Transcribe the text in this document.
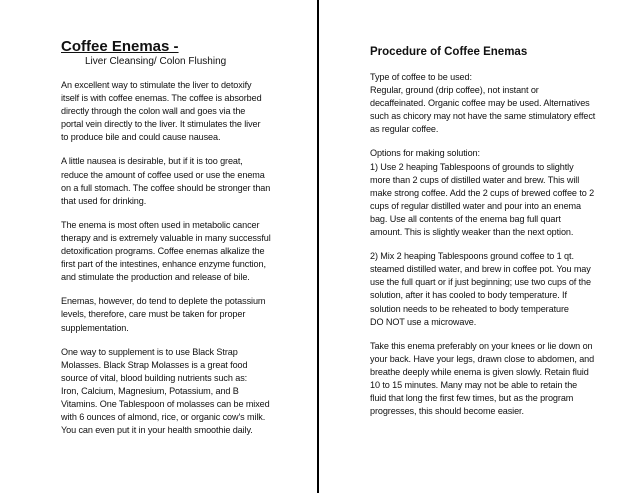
Coffee Enemas -

Liver Cleansing/ Colon Flushing

An excellent way to stimulate the liver to detoxify
itself is with coffee enemas. The coffee is absorbed
directly through the colon wall and goes via the
portal vein directly to the liver. It stimulates the liver
to produce bile and could cause nausea.

A little nausea is desirable, but if it is too great,
reduce the amount of coffee used or use the enema
on a full stomach. The coffee should be stronger than
that used for drinking.

The enema is most often used in metabolic cancer
therapy and is extremely valuable in many successful
detoxification programs. Coffee enemas alkalize the
first part of the intestines, enhance enzyme function,
and stimulate the production and release of bile.

Enemas, however, do tend to deplete the potassium
levels, therefore, care must be taken for proper
supplementation.

One way to supplement is to use Black Strap
Molasses. Black Strap Molasses is a great food
source of vital, blood building nutrients such as:
Iron, Calcium, Magnesium, Potassium, and B
Vitamins. One Tablespoon of molasses can be mixed
with 6 ounces of almond, rice, or organic cow's milk.
You can even put it in your health smoothie daily.

Procedure of Coffee Enemas

Type of coffee to be used:
Regular, ground (drip coffee), not instant or
decaffeinated. Organic coffee may be used. Alternatives
such as chicory may not have the same stimulatory effect
as regular coffee.

Options for making solution:
1) Use 2 heaping Tablespoons of grounds to slightly
more than 2 cups of distilled water and brew. This will
make strong coffee. Add the 2 cups of brewed coffee to 2
cups of regular distilled water and pour into an enema
bag. Use all contents of the enema bag full quart
amount. This is slightly weaker than the next option.

2) Mix 2 heaping Tablespoons ground coffee to 1 qt.
steamed distilled water, and brew in coffee pot. You may
use the full quart or if just beginning; use two cups of the
solution, after it has cooled to body temperature. If
solution needs to be reheated to body temperature
DO NOT use a microwave.

Take this enema preferably on your knees or lie down on
your back. Have your legs, drawn close to abdomen, and
breathe deeply while enema is given slowly. Retain fluid
10 to 15 minutes. Many may not be able to retain the
fluid that long the first few times, but as the program
progresses, this should become easier.
